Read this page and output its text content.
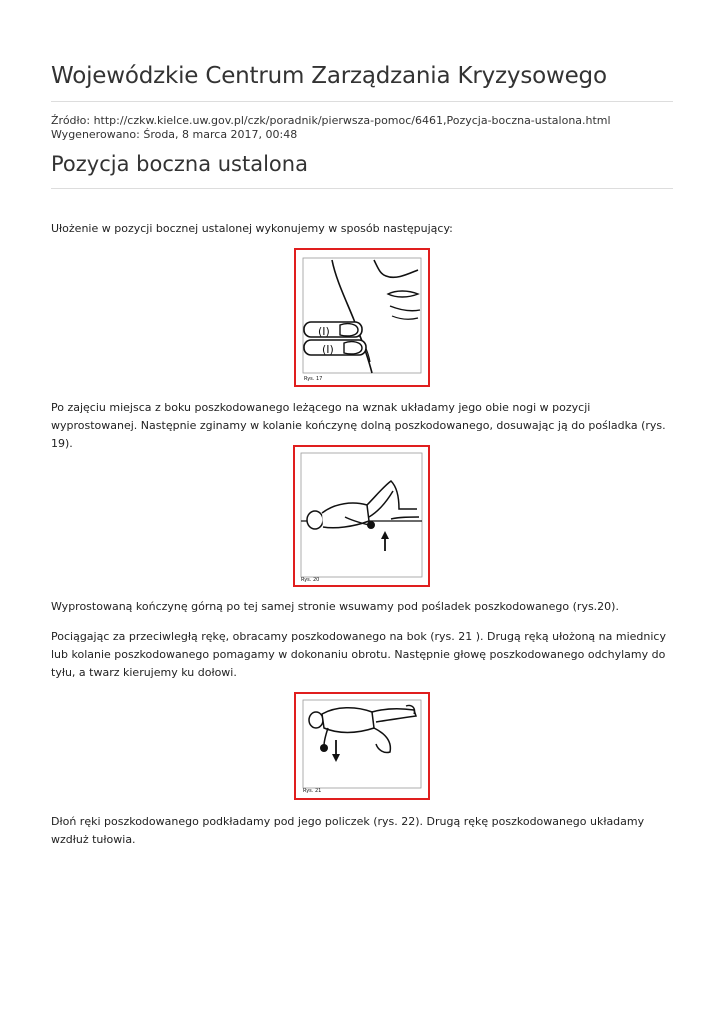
Wojewódzkie Centrum Zarządzania Kryzysowego
Źródło: http://czkw.kielce.uw.gov.pl/czk/poradnik/pierwsza-pomoc/6461,Pozycja-boczna-ustalona.html
Wygenerowano: Środa, 8 marca 2017, 00:48
Pozycja boczna ustalona

Ułożenie w pozycji bocznej ustalonej wykonujemy w sposób następujący:

(I)
(I)
Rys. 17

Po zajęciu miejsca z boku poszkodowanego leżącego na wznak układamy jego obie nogi w pozycji wyprostowanej. Następnie zginamy w kolanie kończynę dolną poszkodowanego, dosuwając ją do pośladka (rys. 19).

Rys. 20

Wyprostowaną kończynę górną po tej samej stronie wsuwamy pod pośladek poszkodowanego (rys.20).

Pociągając za przeciwległą rękę, obracamy poszkodowanego na bok (rys. 21 ). Drugą ręką ułożoną na miednicy lub kolanie poszkodowanego pomagamy w dokonaniu obrotu. Następnie głowę poszkodowanego odchylamy do tyłu, a twarz kierujemy ku dołowi.

Rys. 21

Dłoń ręki poszkodowanego podkładamy pod jego policzek (rys. 22). Drugą rękę poszkodowanego układamy wzdłuż tułowia.
